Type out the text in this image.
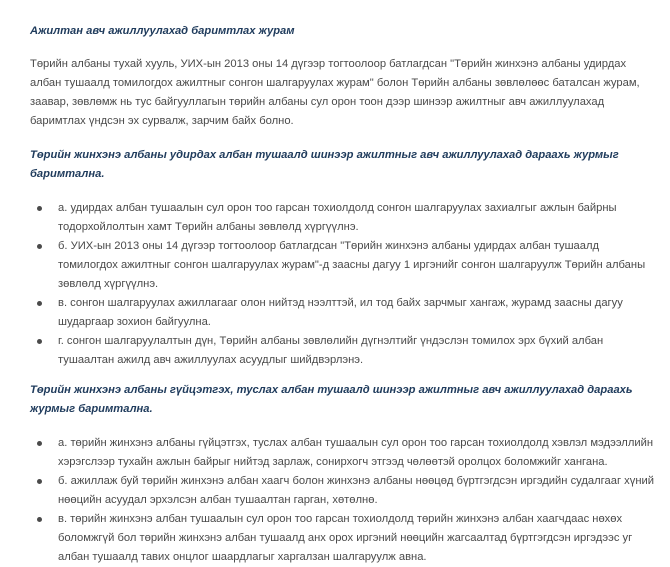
Ажилтан авч ажиллуулахад баримтлах журам

Төрийн албаны тухай хууль, УИХ-ын 2013 оны 14 дүгээр тогтоолоор батлагдсан "Төрийн жинхэнэ албаны удирдах албан тушаалд томилогдох ажилтныг сонгон шалгаруулах журам" болон Төрийн албаны зөвлөлөөс баталсан журам, заавар, зөвлөмж нь тус байгууллагын төрийн албаны сул орон тоон дээр шинээр ажилтныг авч ажиллуулахад баримтлах үндсэн эх сурвалж, зарчим байх болно.

Төрийн жинхэнэ албаны удирдах албан тушаалд шинээр ажилтныг авч ажиллуулахад дараахь журмыг баримтална.

а. удирдах албан тушаалын сул орон тоо гарсан тохиолдолд сонгон шалгаруулах захиалгыг ажлын байрны тодорхойлолтын хамт Төрийн албаны зөвлөлд хүргүүлнэ.
б. УИХ-ын 2013 оны 14 дүгээр тогтоолоор батлагдсан "Төрийн жинхэнэ албаны удирдах албан тушаалд томилогдох ажилтныг сонгон шалгаруулах журам"-д заасны дагуу 1 иргэнийг сонгон шалгаруулж Төрийн албаны зөвлөлд хүргүүлнэ.
в. сонгон шалгаруулах ажиллагааг олон нийтэд нээлттэй, ил тод байх зарчмыг хангаж, журамд заасны дагуу шударгаар зохион байгуулна.
г. сонгон шалгаруулалтын дүн, Төрийн албаны зөвлөлийн дүгнэлтийг үндэслэн томилох эрх бүхий албан тушаалтан ажилд авч ажиллуулах асуудлыг шийдвэрлэнэ.

Төрийн жинхэнэ албаны гүйцэтгэх, туслах албан тушаалд шинээр ажилтныг авч ажиллуулахад дараахь журмыг баримтална.

а. төрийн жинхэнэ албаны гүйцэтгэх, туслах албан тушаалын сул орон тоо гарсан тохиолдолд хэвлэл мэдээллийн хэрэгслээр тухайн ажлын байрыг нийтэд зарлаж, сонирхогч этгээд чөлөөтэй оролцох боломжийг хангана.
б. ажиллаж буй төрийн жинхэнэ албан хаагч болон жинхэнэ албаны нөөцөд бүртгэгдсэн иргэдийн судалгааг хүний нөөцийн асуудал эрхэлсэн албан тушаалтан гарган, хөтөлнө.
в. төрийн жинхэнэ албан тушаалын сул орон тоо гарсан тохиолдолд төрийн жинхэнэ албан хаагчдаас нөхөх боломжгүй бол төрийн жинхэнэ албан тушаалд анх орох иргэний нөөцийн жагсаалтад бүртгэгдсэн иргэдээс уг албан тушаалд тавих онцлог шаардлагыг харгалзан шалгаруулж авна.
